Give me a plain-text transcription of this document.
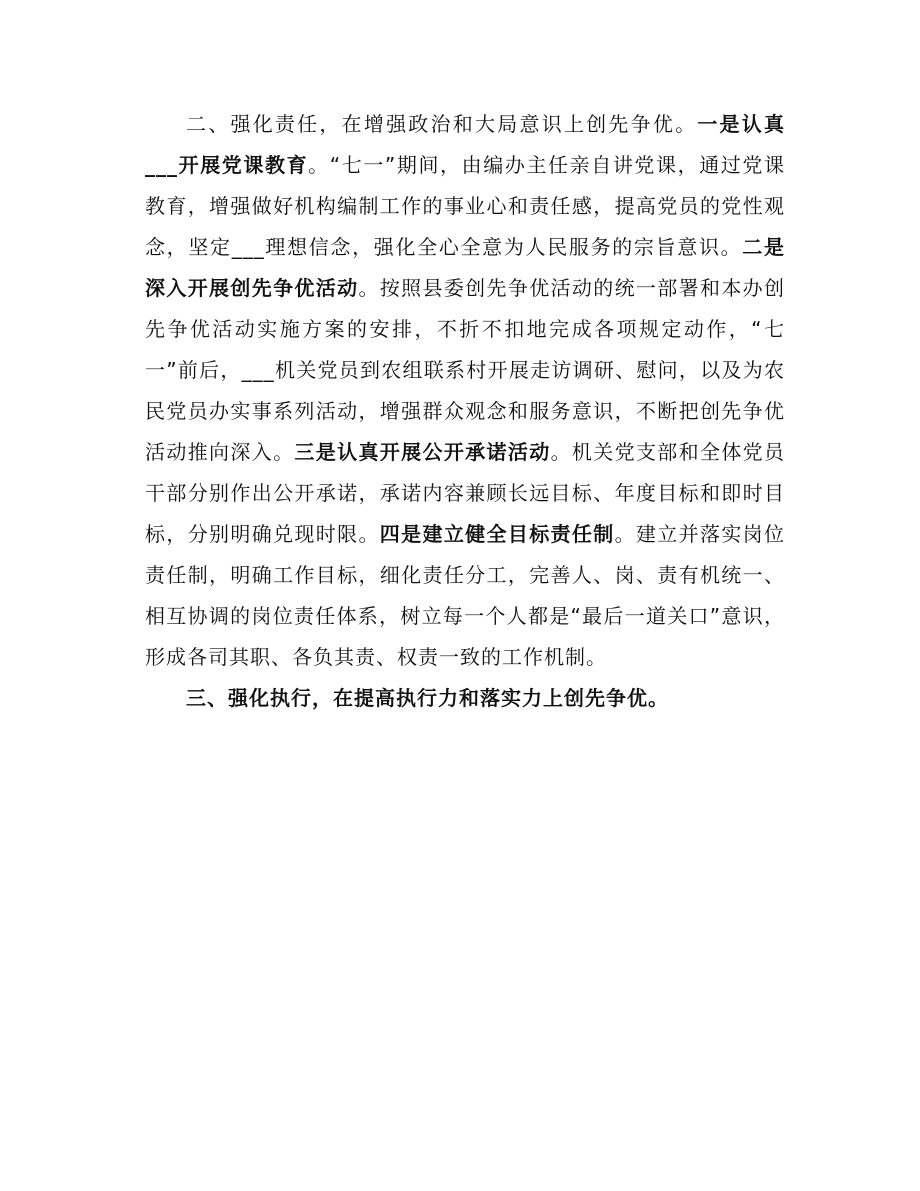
二、强化责任，在增强政治和大局意识上创先争优。一是认真___开展党课教育。“七一”期间，由编办主任亲自讲党课，通过党课教育，增强做好机构编制工作的事业心和责任感，提高党员的党性观念，坚定___理想信念，强化全心全意为人民服务的宗旨意识。二是深入开展创先争优活动。按照县委创先争优活动的统一部署和本办创先争优活动实施方案的安排，不折不扣地完成各项规定动作，“七一”前后，___机关党员到农组联系村开展走访调研、慰问，以及为农民党员办实事系列活动，增强群众观念和服务意识，不断把创先争优活动推向深入。三是认真开展公开承诺活动。机关党支部和全体党员干部分别作出公开承诺，承诺内容兼顾长远目标、年度目标和即时目标，分别明确兑现时限。四是建立健全目标责任制。建立并落实岗位责任制，明确工作目标，细化责任分工，完善人、岗、责有机统一、相互协调的岗位责任体系，树立每一个人都是“最后一道关口”意识，形成各司其职、各负其责、权责一致的工作机制。

三、强化执行，在提高执行力和落实力上创先争优。
